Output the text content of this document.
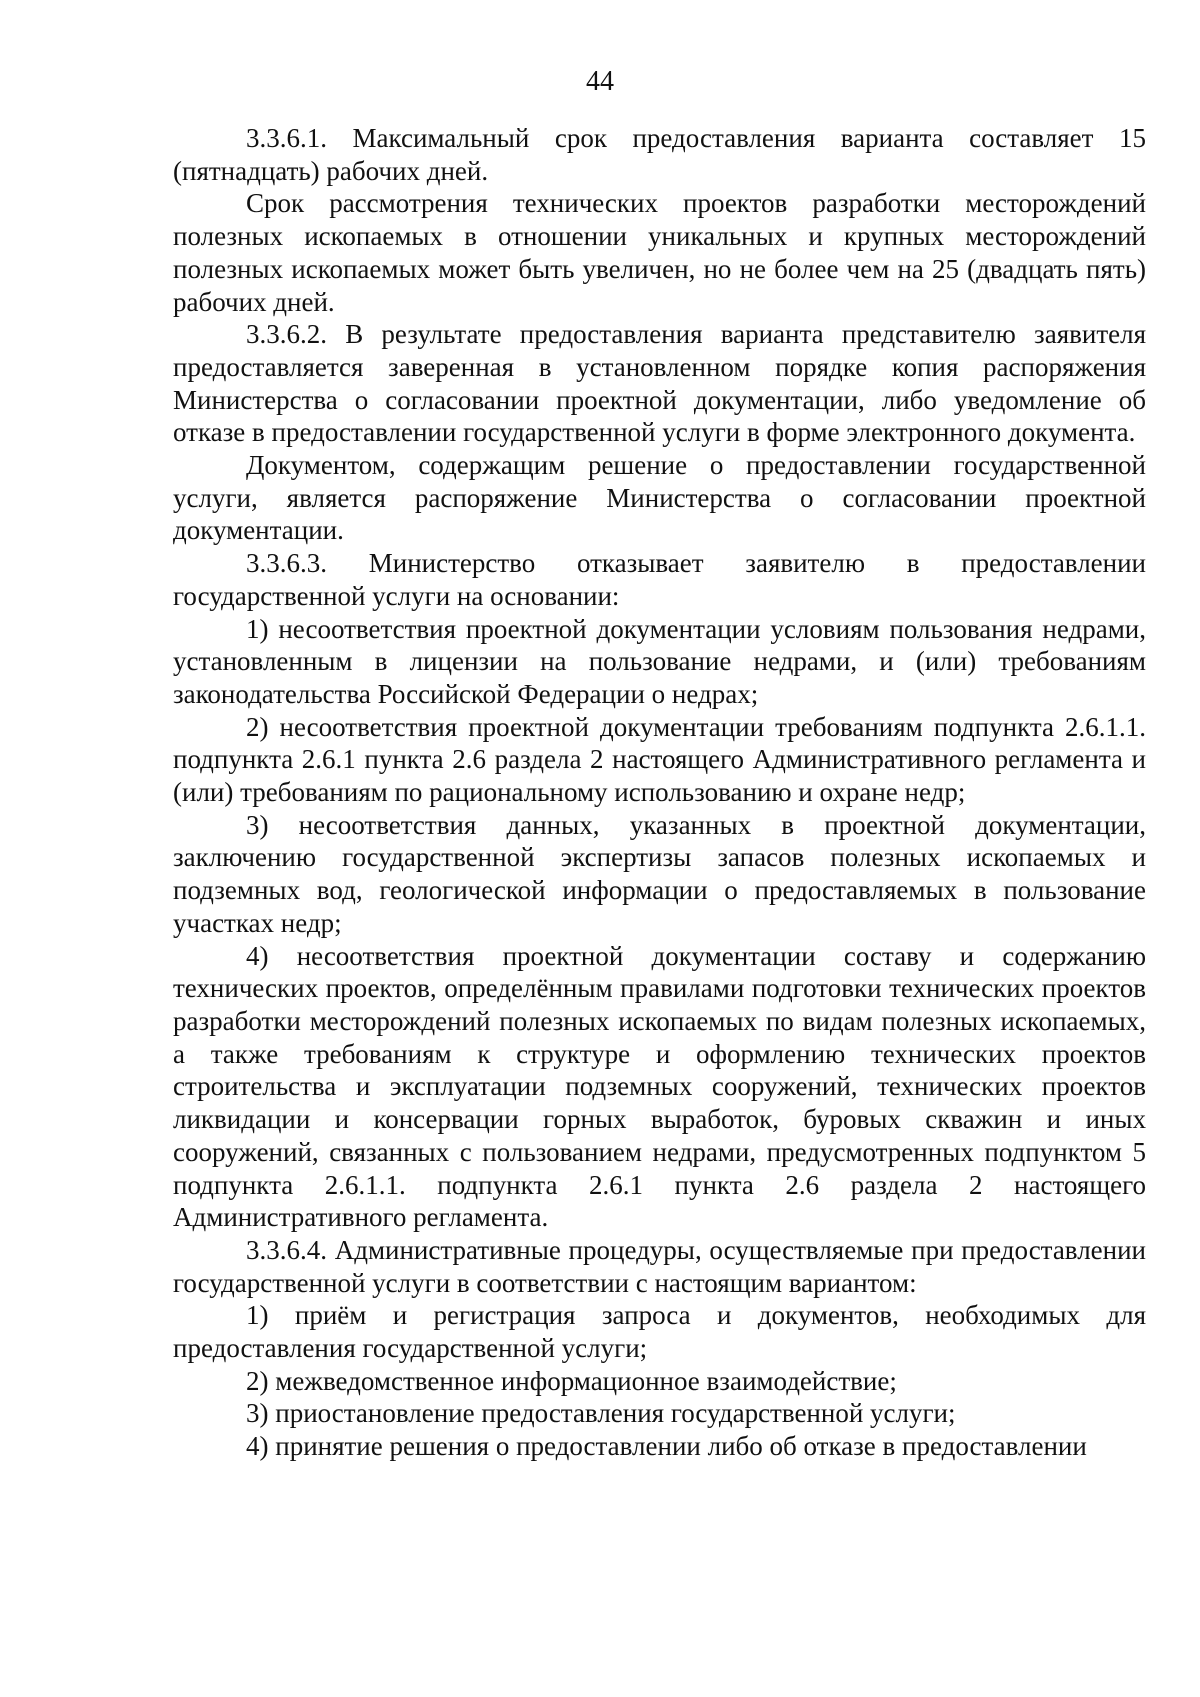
44

3.3.6.1. Максимальный срок предоставления варианта составляет 15 (пятнадцать) рабочих дней.

Срок рассмотрения технических проектов разработки месторождений полезных ископаемых в отношении уникальных и крупных месторождений полезных ископаемых может быть увеличен, но не более чем на 25 (двадцать пять) рабочих дней.

3.3.6.2. В результате предоставления варианта представителю заявителя предоставляется заверенная в установленном порядке копия распоряжения Министерства о согласовании проектной документации, либо уведомление об отказе в предоставлении государственной услуги в форме электронного документа.

Документом, содержащим решение о предоставлении государственной услуги, является распоряжение Министерства о согласовании проектной документации.

3.3.6.3. Министерство отказывает заявителю в предоставлении государственной услуги на основании:

1) несоответствия проектной документации условиям пользования недрами, установленным в лицензии на пользование недрами, и (или) требованиям законодательства Российской Федерации о недрах;

2) несоответствия проектной документации требованиям подпункта 2.6.1.1. подпункта 2.6.1 пункта 2.6 раздела 2 настоящего Административного регламента и (или) требованиям по рациональному использованию и охране недр;

3) несоответствия данных, указанных в проектной документации, заключению государственной экспертизы запасов полезных ископаемых и подземных вод, геологической информации о предоставляемых в пользование участках недр;

4) несоответствия проектной документации составу и содержанию технических проектов, определённым правилами подготовки технических проектов разработки месторождений полезных ископаемых по видам полезных ископаемых, а также требованиям к структуре и оформлению технических проектов строительства и эксплуатации подземных сооружений, технических проектов ликвидации и консервации горных выработок, буровых скважин и иных сооружений, связанных с пользованием недрами, предусмотренных подпунктом 5 подпункта 2.6.1.1. подпункта 2.6.1 пункта 2.6 раздела 2 настоящего Административного регламента.

3.3.6.4. Административные процедуры, осуществляемые при предоставлении государственной услуги в соответствии с настоящим вариантом:

1) приём и регистрация запроса и документов, необходимых для предоставления государственной услуги;

2) межведомственное информационное взаимодействие;

3) приостановление предоставления государственной услуги;

4) принятие решения о предоставлении либо об отказе в предоставлении
